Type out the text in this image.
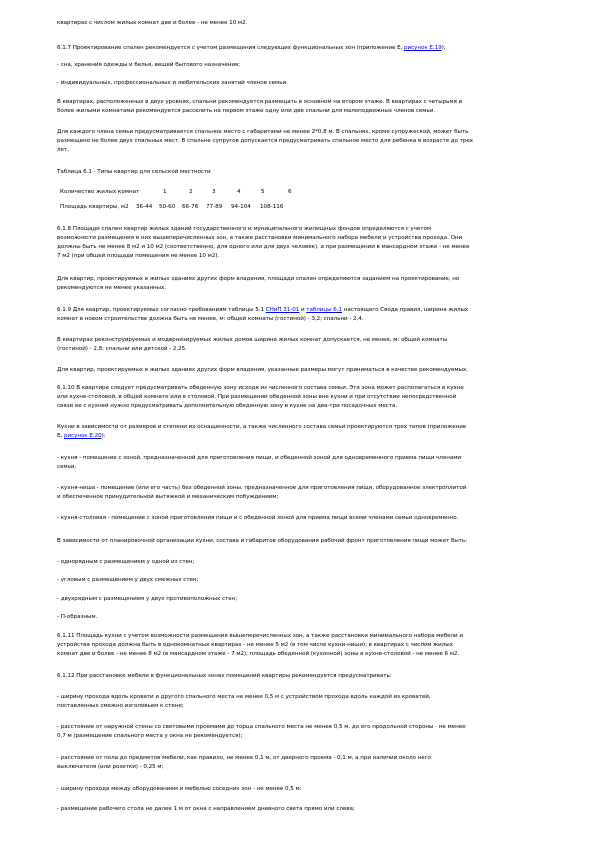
квартирах с числом жилых комнат две и более - не менее 10 м2.
6.1.7 Проектирование спален рекомендуется с учетом размещения следующих функциональных зон (приложение Е, рисунок Е.19);
- сна, хранения одежды и белья, вещей бытового назначения;
- индивидуальных, профессиональных и любительских занятий членов семьи.
В квартирах, расположенных в двух уровнях, спальни рекомендуется размещать в основном на втором этаже. В квартирах с четырьмя и
более жилыми комнатами рекомендуется расселить на первом этаже одну или две спальни для малоподвижных членов семьи.
Для каждого члена семьи предусматривается спальное место с габаритами не менее 2*0,8 м. В спальнях, кроме супружеской, может быть
размещено не более двух спальных мест. В спальне супругов допускается предусматривать спальное место для ребенка в возрасте до трех
лет.
Таблица 6.1 - Типы квартир для сельской местности
Количество жилых комнат	1	2	3	4	5	6
Площадь квартиры, м2 36-44 50-60 66-76 77-89 94-104 108-116
6.1.8 Площади спален квартир жилых зданий государственного и муниципального жилищных фондов определяются с учетом
возможности размещения в них вышеперечисленных зон, а также расстановки минимального набора мебели и устройства прохода. Они
должны быть не менее 8 м2 и 10 м2 (соответственно, для одного или для двух человек), а при размещении в мансардном этаже - не менее
7 м2 (при общей площади помещения не менее 10 м2).
Для квартир, проектируемых в жилых зданиях других форм владения, площади спален определяются заданием на проектирование, но
рекомендуются не менее указанных.
6.1.9 Для квартир, проектируемых согласно требованиям таблицы 5.1 СНиП 31-01 и таблицы 6.1 настоящего Свода правил, ширина жилых
комнат в новом строительстве должна быть не менее, м: общей комнаты (гостиной) - 3,2; спальни - 2,4.
В квартирах реконструируемых и модернизируемых жилых домов ширина жилых комнат допускается, не менее, м: общей комнаты
(гостиной) - 2,8; спальни или детской - 2,25.
Для квартир, проектируемых в жилых зданиях других форм владения, указанные размеры могут приниматься в качестве рекомендуемых.
6.1.10 В квартире следует предусматривать обеденную зону исходя из численного состава семьи. Эта зона может располагаться в кухне
или кухне-столовой, в общей комнате или в столовой. При размещении обеденной зоны вне кухни и при отсутствии непосредственной
связи ее с кухней нужно предусматривать дополнительную обеденную зону в кухне на два-три посадочных места.
Кухни в зависимости от размеров и степени их оснащенности, а также численного состава семьи проектируются трех типов (приложение
Е, рисунок Е.20):
- кухня - помещение с зоной, предназначенной для приготовления пищи, и обеденной зоной для одновременного приема пищи членами
семьи;
- кухня-ниша - помещение (или его часть) без обеденной зоны, предназначенное для приготовления пищи, оборудованное электроплитой
и обеспеченное принудительной вытяжкой и механическим побуждением;
- кухня-столовая - помещение с зоной приготовления пищи и с обеденной зоной для приема пищи всеми членами семьи одновременно.
В зависимости от планировочной организации кухни, состава и габаритов оборудования рабочий фронт приготовления пищи может быть:
- однорядным с размещением у одной из стен;
- угловым с размещением у двух смежных стен;
- двухрядным с размещением у двух противоположных стен;
- П-образным.
6.1.11 Площадь кухни с учетом возможности размещения вышеперечисленных зон, а также расстановки минимального набора мебели и
устройства прохода должна быть в однокомнатных квартирах - не менее 5 м2 (в том числе кухни-ниши); в квартирах с числом жилых
комнат две и более - не менее 8 м2 (в мансардном этаже - 7 м2), площадь обеденной (кухонной) зоны в кухне-столовой - не менее 6 м2.
6.1.12 При расстановке мебели в функциональных зонах помещений квартиры рекомендуется предусматривать:
- ширину прохода вдоль кровати и другого спального места не менее 0,5 м с устройством прохода вдоль каждой из кроватей,
поставленных смежно изголовьем к стене;
- расстояние от наружной стены со световыми проемами до торца спального места не менее 0,5 м, до его продольной стороны - не менее
0,7 м (размещение спального места у окна не рекомендуется);
- расстояние от пола до предметов мебели, как правило, не менее 0,1 м, от дверного проема - 0,1 м, а при наличии около него
выключателя (или розетки) - 0,25 м;
- ширину прохода между оборудованием и мебелью соседних зон - не менее 0,5 м;
- размещение рабочего стола не далее 1 м от окна с направлением дневного света прямо или слева;
